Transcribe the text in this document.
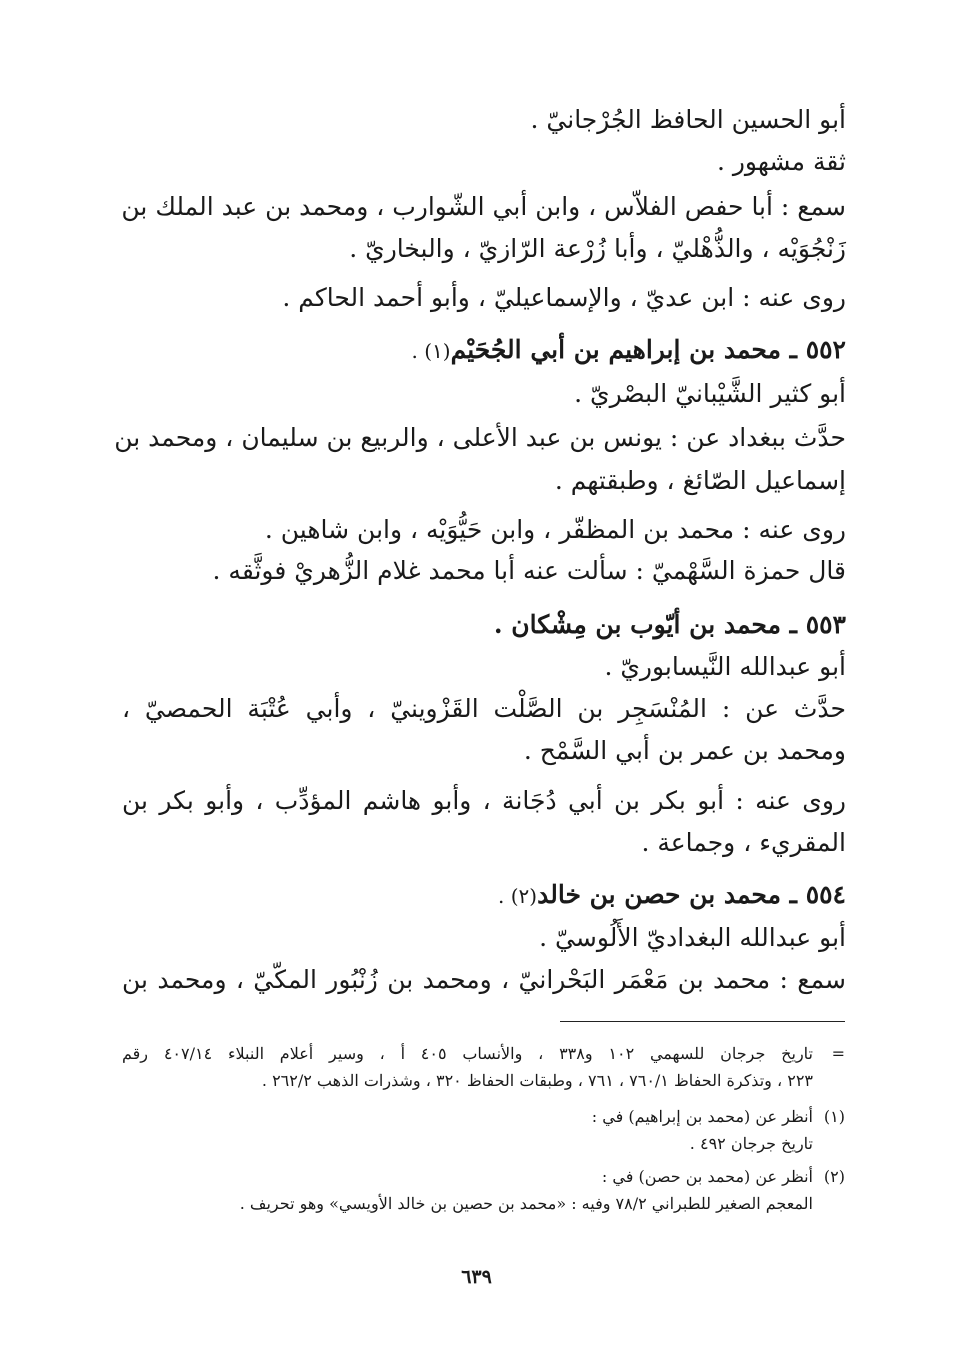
أبو الحسين الحافظ الجُرْجانيّ .
ثقة مشهور .
سمع : أبا حفص الفلاّس ، وابن أبي الشّوارب ، ومحمد بن عبد الملك بن
زَنْجُوَيْه ، والذُّهْليّ ، وأبا زُرْعة الرّازيّ ، والبخاريّ .
روى عنه : ابن عديّ ، والإسماعيليّ ، وأبو أحمد الحاكم .
٥٥٢ ـ محمد بن إبراهيم بن أبي الجُحَيْم(١) .
أبو كثير الشَّيْبانيّ البصْريّ .
حدَّث ببغداد عن : يونس بن عبد الأعلى ، والربيع بن سليمان ، ومحمد بن
إسماعيل الصّائغ ، وطبقتهم .
روى عنه : محمد بن المظفّر ، وابن حَيُّوَيْه ، وابن شاهين .
قال حمزة السَّهْميّ : سألت عنه أبا محمد غلام الزُّهريْ فوثَّقه .
٥٥٣ ـ محمد بن أيّوب بن مِشْكان .
أبو عبدالله النَّيسابوريّ .
حدَّث عن : المُنْسَجِر بن الصَّلْت القَزْوينيّ ، وأبي عُتْبَة الحمصيّ ،
ومحمد بن عمر بن أبي السَّمْح .
روى عنه : أبو بكر بن أبي دُجَانة ، وأبو هاشم المؤدِّب ، وأبو بكر بن
المقريء ، وجماعة .
٥٥٤ ـ محمد بن حصن بن خالد(٢) .
أبو عبدالله البغداديّ الأَلُوسيّ .
سمع : محمد بن مَعْمَر البَحْرانيّ ، ومحمد بن زُنْبُور المكّيّ ، ومحمد بن
=
تاريخ جرجان للسهمي ١٠٢ و٣٣٨ ، والأنساب ٤٠٥ أ ، وسير أعلام النبلاء ٤٠٧/١٤ رقم
٢٢٣ ، وتذكرة الحفاظ ٧٦٠/١ ، ٧٦١ ، وطبقات الحفاظ ٣٢٠ ، وشذرات الذهب ٢٦٢/٢ .
(١)
أنظر عن (محمد بن إبراهيم) في :
تاريخ جرجان ٤٩٢ .
(٢)
أنظر عن (محمد بن حصن) في :
المعجم الصغير للطبراني ٧٨/٢ وفيه : «محمد بن حصين بن خالد الأويسي» وهو تحريف .
٦٣٩
